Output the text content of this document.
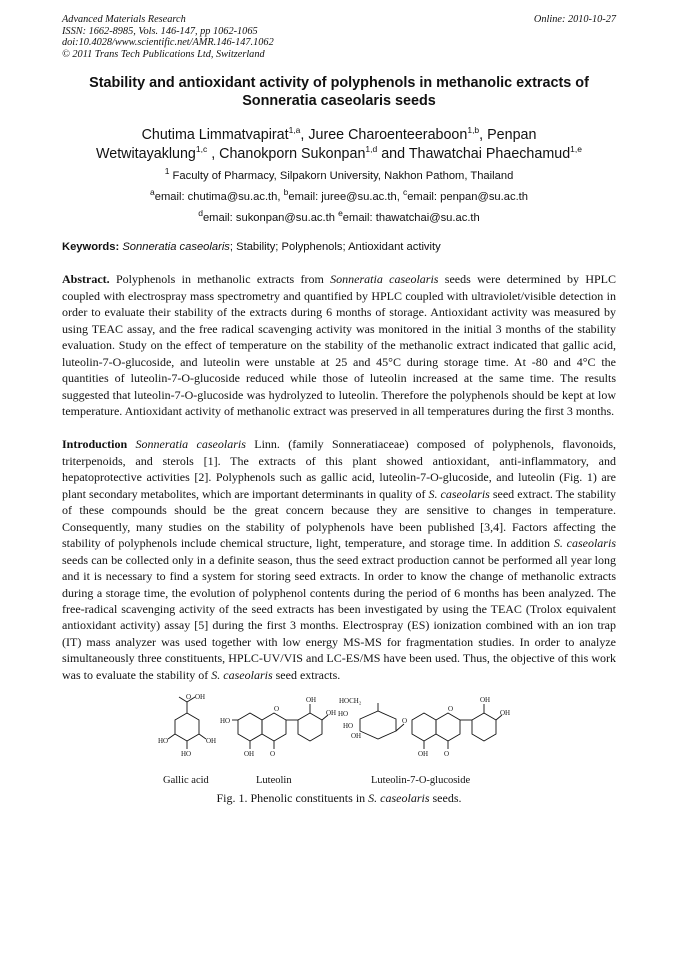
Advanced Materials Research
ISSN: 1662-8985, Vols. 146-147, pp 1062-1065
doi:10.4028/www.scientific.net/AMR.146-147.1062
© 2011 Trans Tech Publications Ltd, Switzerland
Online: 2010-10-27
Stability and antioxidant activity of polyphenols in methanolic extracts of
Sonneratia caseolaris seeds
Chutima Limmatvapirat$^{1,a}$, Juree Charoenteeraboon$^{1,b}$, Penpan
Wetwitayaklung$^{1,c}$ , Chanokporn Sukonpan$^{1,d}$ and Thawatchai Phaechamud$^{1,e}$
$^1$ Faculty of Pharmacy, Silpakorn University, Nakhon Pathom, Thailand
$^a$email: chutima@su.ac.th, $^b$email: juree@su.ac.th, $^c$email: penpan@su.ac.th
$^d$email: sukonpan@su.ac.th $^e$email: thawatchai@su.ac.th
Keywords: Sonneratia caseolaris; Stability; Polyphenols; Antioxidant activity
Abstract. Polyphenols in methanolic extracts from Sonneratia caseolaris seeds were determined by HPLC coupled with electrospray mass spectrometry and quantified by HPLC coupled with ultraviolet/visible detection in order to evaluate their stability of the extracts during 6 months of storage. Antioxidant activity was measured by using TEAC assay, and the free radical scavenging activity was monitored in the initial 3 months of the stability evaluation. Study on the effect of temperature on the stability of the methanolic extract indicated that gallic acid, luteolin-7-O-glucoside, and luteolin were unstable at 25 and 45°C during storage time. At -80 and 4°C the quantities of luteolin-7-O-glucoside reduced while those of luteolin increased at the same time. The results suggested that luteolin-7-O-glucoside was hydrolyzed to luteolin. Therefore the polyphenols should be kept at low temperature. Antioxidant activity of methanolic extract was preserved in all temperatures during the first 3 months.
Introduction Sonneratia caseolaris Linn. (family Sonneratiaceae) composed of polyphenols, flavonoids, triterpenoids, and sterols [1]. The extracts of this plant showed antioxidant, anti-inflammatory, and hepatoprotective activities [2]. Polyphenols such as gallic acid, luteolin-7-O-glucoside, and luteolin (Fig. 1) are plant secondary metabolites, which are important determinants in quality of S. caseolaris seed extract. The stability of these compounds should be the great concern because they are sensitive to changes in temperature. Consequently, many studies on the stability of polyphenols have been published [3,4]. Factors affecting the stability of polyphenols include chemical structure, light, temperature, and storage time. In addition S. caseolaris seeds can be collected only in a definite season, thus the seed extract production cannot be performed all year long and it is necessary to find a system for storing seed extracts. In order to know the change of methanolic extracts during a storage time, the evolution of polyphenol contents during the period of 6 months has been analyzed. The free-radical scavenging activity of the seed extracts has been investigated by using the TEAC (Trolox equivalent antioxidant activity) assay [5] during the first 3 months. Electrospray (ES) ionization combined with an ion trap (IT) mass analyzer was used together with low energy MS-MS for fragmentation studies. In order to analyze simultaneously three constituents, HPLC-UV/VIS and LC-ES/MS have been used. Thus, the objective of this work was to evaluate the stability of S. caseolaris seed extracts.
O OH
HO
HO
OH
HO
O
OH
OH
OH O
HOCH₂
HO
HO
OH
O
O
OH
OH
OH O
Gallic acid	Luteolin	Luteolin-7-O-glucoside
Fig. 1. Phenolic constituents in S. caseolaris seeds.
